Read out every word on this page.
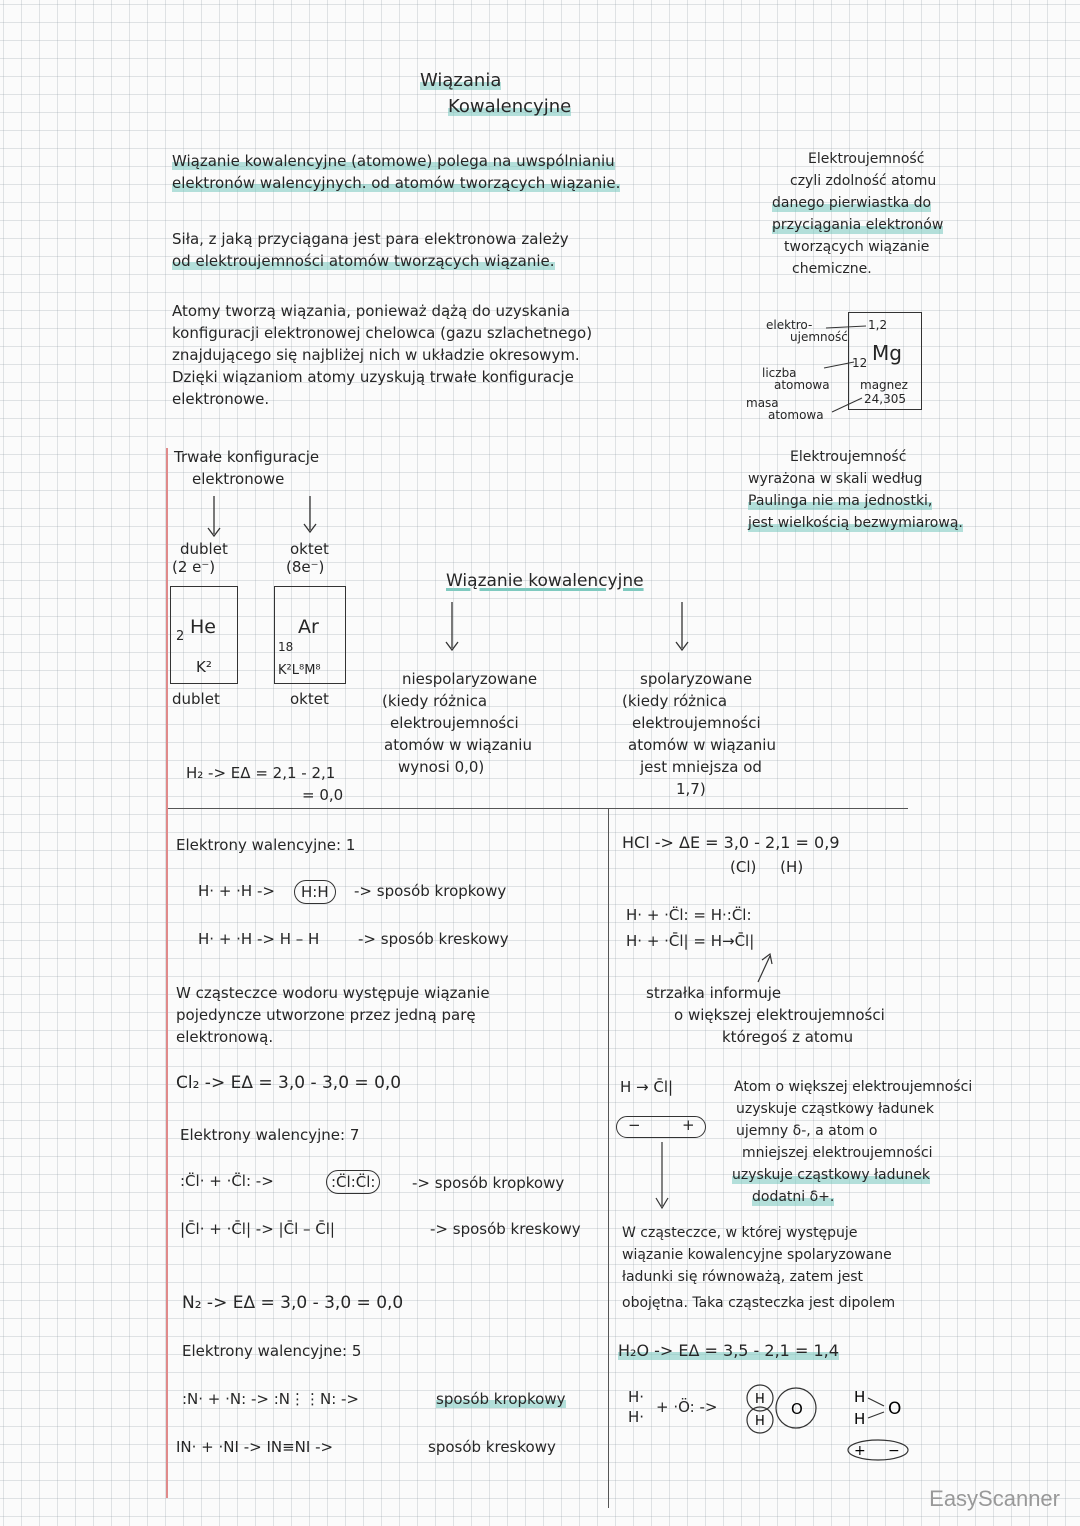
Wiązania
Kowalencyjne
Wiązanie kowalencyjne (atomowe) polega na uwspólnianiu
elektronów walencyjnych. od atomów tworzących wiązanie.
Siła, z jaką przyciągana jest para elektronowa zależy
od elektroujemności atomów tworzących wiązanie.
Atomy tworzą wiązania, ponieważ dążą do uzyskania
konfiguracji elektronowej chelowca (gazu szlachetnego)
znajdującego się najbliżej nich w układzie okresowym.
Dzięki wiązaniom atomy uzyskują trwałe konfiguracje
elektronowe.
Elektroujemność
czyli zdolność atomu
danego pierwiastka do
przyciągania elektronów
tworzących wiązanie
chemiczne.
elektro-
ujemność
liczba
atomowa
masa
atomowa
1,2
12 Mg
magnez
24,305
Elektroujemność
wyrażona w skali według
Paulinga nie ma jednostki,
jest wielkością bezwymiarową.
Trwałe konfiguracje
elektronowe
dublet
(2 e⁻)
oktet
(8e⁻)
2 He
K²
dublet
18
Ar
K²L⁸M⁸
oktet
Wiązanie kowalencyjne
niespolaryzowane
(kiedy różnica
elektroujemności
atomów w wiązaniu
wynosi 0,0)
spolaryzowane
(kiedy różnica
elektroujemności
atomów w wiązaniu
jest mniejsza od
1,7)
H₂ -> EΔ = 2,1 - 2,1
= 0,0
Elektrony walencyjne: 1
H· + ·H ->	H:H	-> sposób kropkowy
H· + ·H -> H – H	-> sposób kreskowy
W cząsteczce wodoru występuje wiązanie
pojedyncze utworzone przez jedną parę
elektronową.
Cl₂ -> EΔ = 3,0 - 3,0 = 0,0
Elektrony walencyjne: 7
:C̈l· + ·C̈l: ->	:C̈l:C̈l:	-> sposób kropkowy
|C̄l· + ·C̄l| -> |C̄l – C̄l|	-> sposób kreskowy
N₂ -> EΔ = 3,0 - 3,0 = 0,0
Elektrony walencyjne: 5
:N· + ·N: -> :N⋮⋮N: ->	sposób kropkowy
IN· + ·NI -> IN≡NI ->	sposób kreskowy
HCl -> ΔE = 3,0 - 2,1 = 0,9
(Cl)     (H)
H· + ·C̈l: = H·:C̈l:
H· + ·C̄l| = H→C̄l|
strzałka informuje
o większej elektroujemności
któregoś z atomu
H → C̄l|
−	+
Atom o większej elektroujemności
uzyskuje cząstkowy ładunek
ujemny δ-, a atom o
mniejszej elektroujemności
uzyskuje cząstkowy ładunek
dodatni δ+.
W cząsteczce, w której występuje
wiązanie kowalencyjne spolaryzowane
ładunki się równoważą, zatem jest
obojętna. Taka cząsteczka jest dipolem
H₂O -> EΔ = 3,5 - 2,1 = 1,4
H·
H·
+ ·Ö: ->	H
H
O
H
H O
+ −
EasyScanner
